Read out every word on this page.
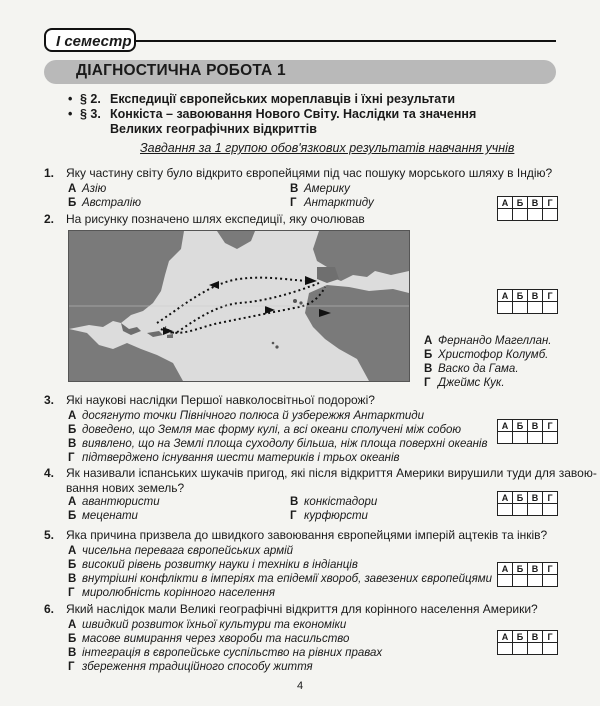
І семестр
ДІАГНОСТИЧНА РОБОТА 1
• § 2. Експедиції європейських мореплавців і їхні результати
• § 3. Конкіста – завоювання Нового Світу. Наслідки та значення
Великих географічних відкриттів
Завдання за 1 групою обов'язкових результатів навчання учнів
1. Яку частину світу було відкрито європейцями під час пошуку морського шляху в Індію?
А Азію
Б Австралію
В Америку
Г Антарктиду	А	Б	В	Г

2. На рисунку позначено шлях експедиції, яку очолював
А	Б	В	Г

А Фернандо Магеллан.
Б Христофор Колумб.
В Васко да Гама.
Г Джеймс Кук.
3. Які наукові наслідки Першої навколосвітньої подорожі?
А досягнуто точки Північного полюса й узбережжя Антарктиди
Б доведено, що Земля має форму кулі, а всі океани сполучені між собою
В виявлено, що на Землі площа суходолу більша, ніж площа поверхні океанів
Г підтверджено існування шести материків і трьох океанів
А	Б	В	Г

4. Як називали іспанських шукачів пригод, які після відкриття Америки вирушили туди для завою-
вання нових земель?
А авантюристи
Б меценати
В конкістадори
Г курфюрсти
А	Б	В	Г

5. Яка причина призвела до швидкого завоювання європейцями імперій ацтеків та інків?
А чисельна перевага європейських армій
Б високий рівень розвитку науки і техніки в індіанців
В внутрішні конфлікти в імперіях та епідемії хвороб, завезених європейцями
Г миролюбність корінного населення
А	Б	В	Г

6. Який наслідок мали Великі географічні відкриття для корінного населення Америки?
А швидкий розвиток їхньої культури та економіки
Б масове вимирання через хвороби та насильство
В інтеграція в європейське суспільство на рівних правах
Г збереження традиційного способу життя
А	Б	В	Г

4
